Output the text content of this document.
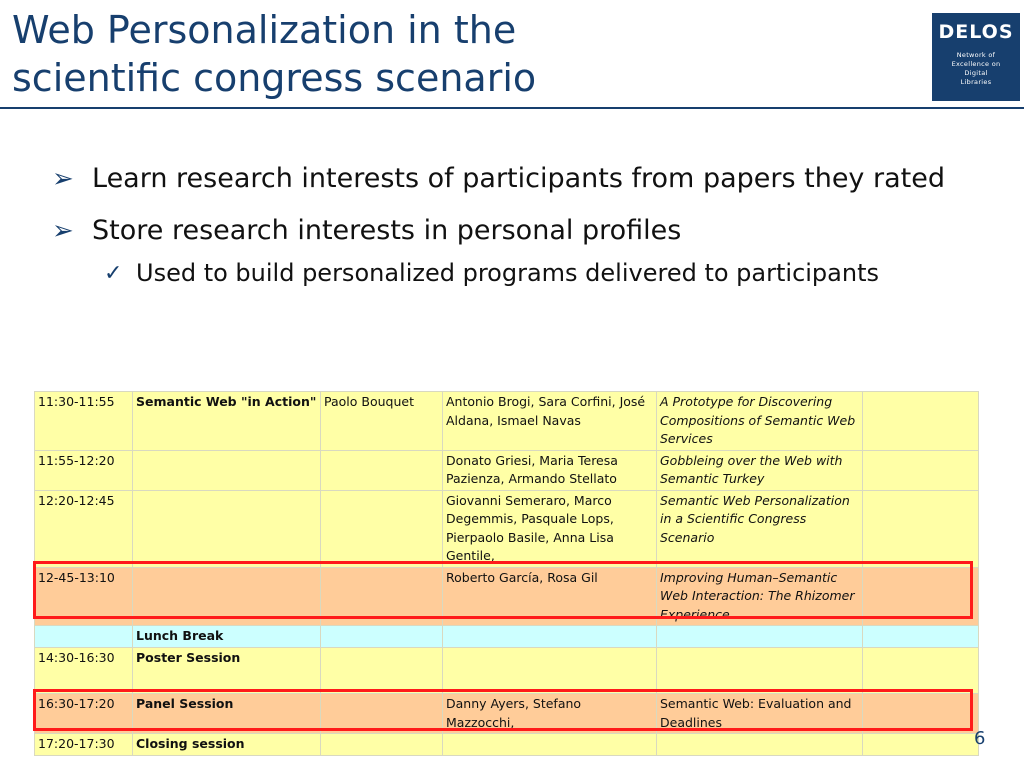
Web Personalization in the
scientific congress scenario
DELOS
Network of
Excellence on
Digital
Libraries
➢ Learn research interests of participants from papers they rated
➢ Store research interests in personal profiles
✓ Used to build personalized programs delivered to participants
11:30-11:55	Semantic Web "in Action"	Paolo Bouquet	Antonio Brogi, Sara Corfini, José Aldana, Ismael Navas	A Prototype for Discovering Compositions of Semantic Web Services	
11:55-12:20			Donato Griesi, Maria Teresa Pazienza, Armando Stellato	Gobbleing over the Web with Semantic Turkey	
12:20-12:45			Giovanni Semeraro, Marco Degemmis, Pasquale Lops, Pierpaolo Basile, Anna Lisa Gentile,	Semantic Web Personalization in a Scientific Congress Scenario	
12-45-13:10			Roberto García, Rosa Gil	Improving Human–Semantic Web Interaction: The Rhizomer Experience	
	Lunch Break				
14:30-16:30	Poster Session				
16:30-17:20	Panel Session		Danny Ayers, Stefano Mazzocchi,	Semantic Web: Evaluation and Deadlines	
17:20-17:30	Closing session					6
